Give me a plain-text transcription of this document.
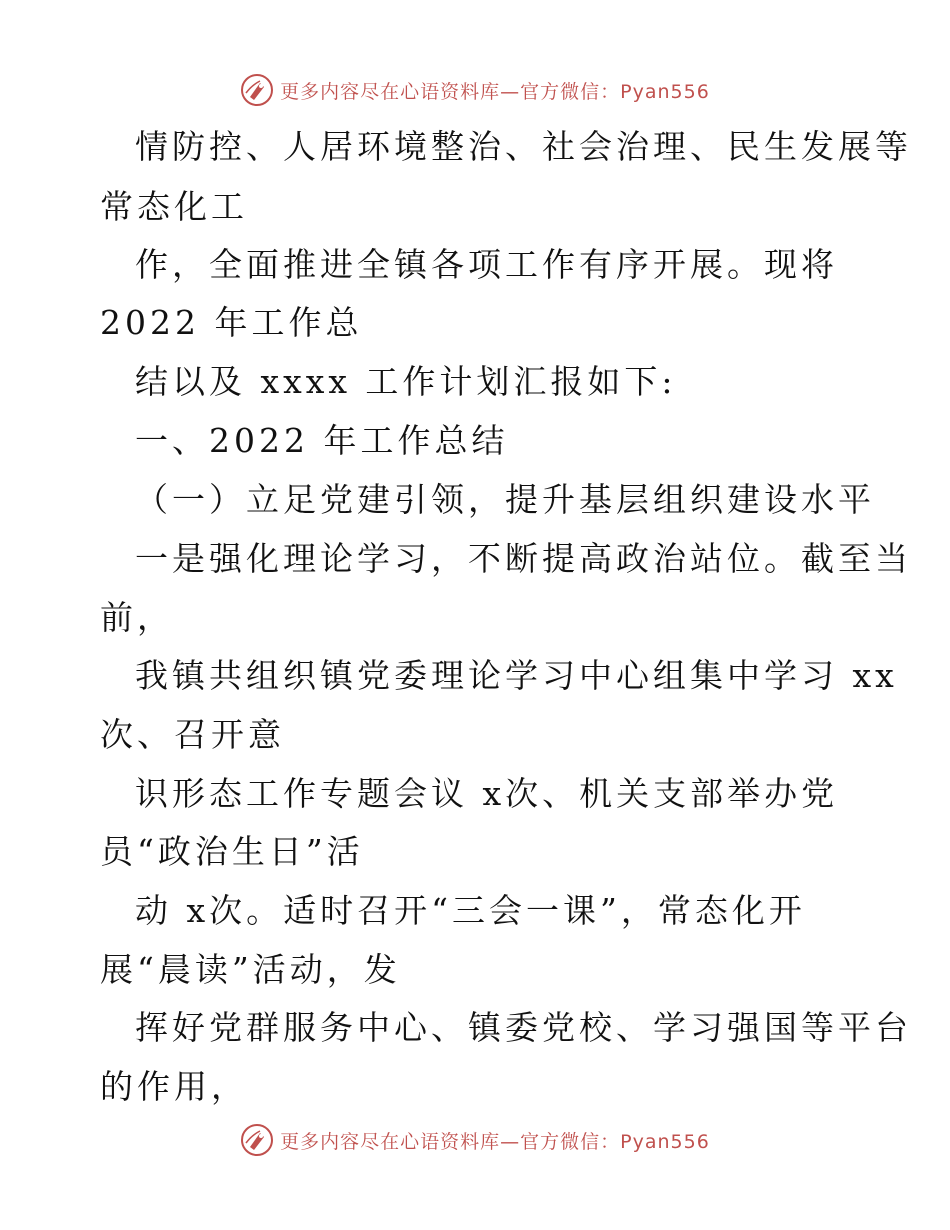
更多内容尽在心语资料库—官方微信：Pyan556
情防控、人居环境整治、社会治理、民生发展等
常态化工
作，全面推进全镇各项工作有序开展。现将
2022 年工作总
结以及 xxxx 工作计划汇报如下:
一、2022 年工作总结
（一）立足党建引领，提升基层组织建设水平
一是强化理论学习，不断提高政治站位。截至当
前，
我镇共组织镇党委理论学习中心组集中学习 xx
次、召开意
识形态工作专题会议 x次、机关支部举办党
员“政治生日”活
动 x次。适时召开“三会一课”，常态化开
展“晨读”活动，发
挥好党群服务中心、镇委党校、学习强国等平台
的作用，
更多内容尽在心语资料库—官方微信：Pyan556
